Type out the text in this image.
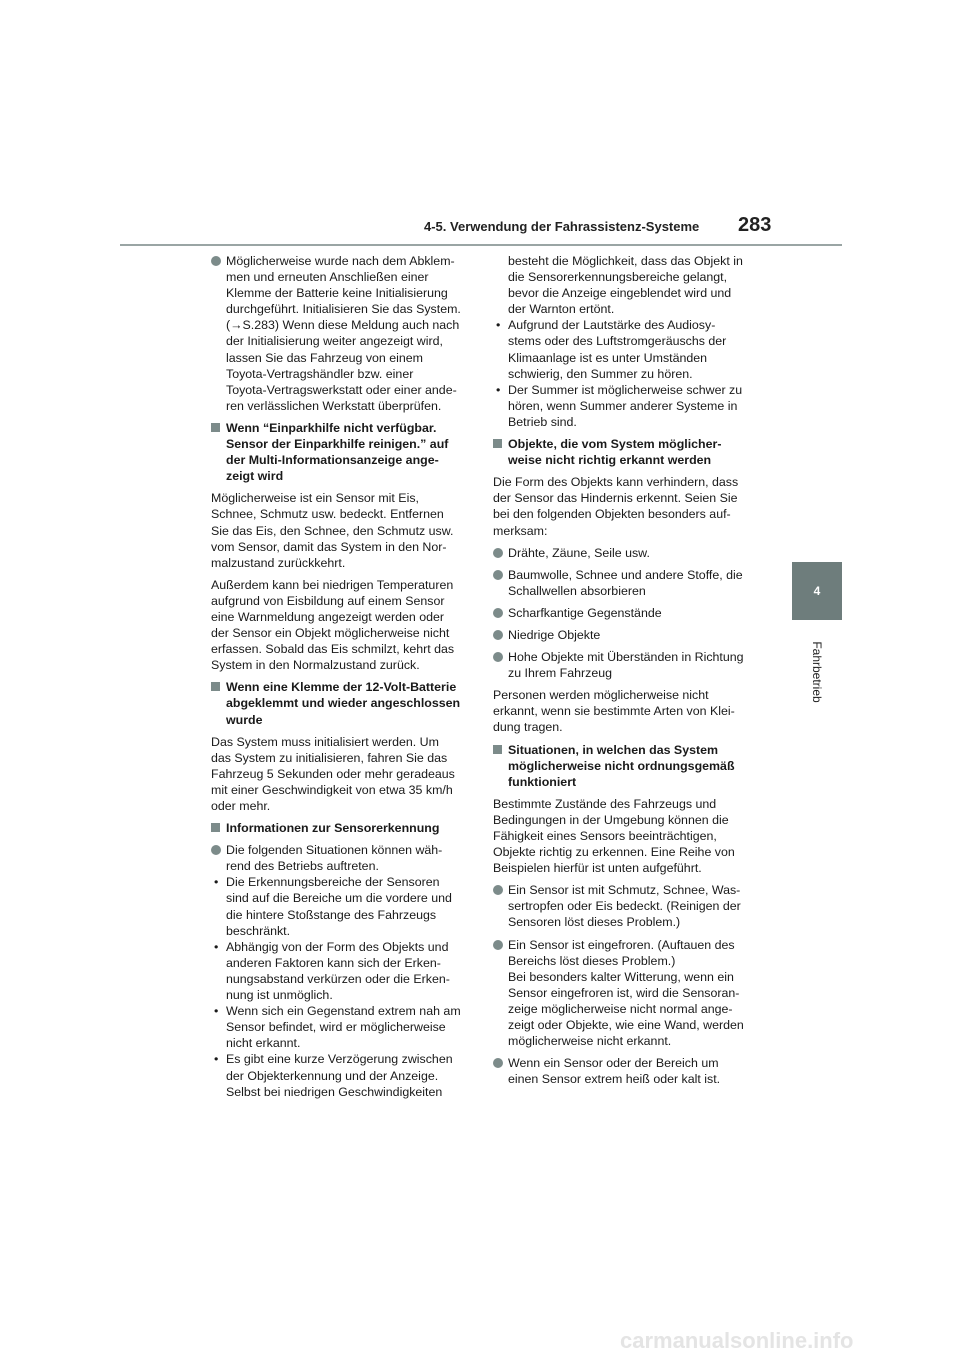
4-5. Verwendung der Fahrassistenz-Systeme 283
4
Fahrbetrieb
Möglicherweise wurde nach dem Abklem-
men und erneuten Anschließen einer
Klemme der Batterie keine Initialisierung
durchgeführt. Initialisieren Sie das System.
(→S.283) Wenn diese Meldung auch nach
der Initialisierung weiter angezeigt wird,
lassen Sie das Fahrzeug von einem
Toyota-Vertragshändler bzw. einer
Toyota-Vertragswerkstatt oder einer ande-
ren verlässlichen Werkstatt überprüfen.
Wenn “Einparkhilfe nicht verfügbar.
Sensor der Einparkhilfe reinigen.” auf
der Multi-Informationsanzeige ange-
zeigt wird
Möglicherweise ist ein Sensor mit Eis,
Schnee, Schmutz usw. bedeckt. Entfernen
Sie das Eis, den Schnee, den Schmutz usw.
vom Sensor, damit das System in den Nor-
malzustand zurückkehrt.
Außerdem kann bei niedrigen Temperaturen
aufgrund von Eisbildung auf einem Sensor
eine Warnmeldung angezeigt werden oder
der Sensor ein Objekt möglicherweise nicht
erfassen. Sobald das Eis schmilzt, kehrt das
System in den Normalzustand zurück.
Wenn eine Klemme der 12-Volt-Batterie
abgeklemmt und wieder angeschlossen
wurde
Das System muss initialisiert werden. Um
das System zu initialisieren, fahren Sie das
Fahrzeug 5 Sekunden oder mehr geradeaus
mit einer Geschwindigkeit von etwa 35 km/h
oder mehr.
Informationen zur Sensorerkennung
Die folgenden Situationen können wäh-
rend des Betriebs auftreten.
• Die Erkennungsbereiche der Sensoren
sind auf die Bereiche um die vordere und
die hintere Stoßstange des Fahrzeugs
beschränkt.
• Abhängig von der Form des Objekts und
anderen Faktoren kann sich der Erken-
nungsabstand verkürzen oder die Erken-
nung ist unmöglich.
• Wenn sich ein Gegenstand extrem nah am
Sensor befindet, wird er möglicherweise
nicht erkannt.
• Es gibt eine kurze Verzögerung zwischen
der Objekterkennung und der Anzeige.
Selbst bei niedrigen Geschwindigkeiten
besteht die Möglichkeit, dass das Objekt in
die Sensorerkennungsbereiche gelangt,
bevor die Anzeige eingeblendet wird und
der Warnton ertönt.
• Aufgrund der Lautstärke des Audiosy-
stems oder des Luftstromgeräuschs der
Klimaanlage ist es unter Umständen
schwierig, den Summer zu hören.
• Der Summer ist möglicherweise schwer zu
hören, wenn Summer anderer Systeme in
Betrieb sind.
Objekte, die vom System möglicher-
weise nicht richtig erkannt werden
Die Form des Objekts kann verhindern, dass
der Sensor das Hindernis erkennt. Seien Sie
bei den folgenden Objekten besonders auf-
merksam:
Drähte, Zäune, Seile usw.
Baumwolle, Schnee und andere Stoffe, die
Schallwellen absorbieren
Scharfkantige Gegenstände
Niedrige Objekte
Hohe Objekte mit Überständen in Richtung
zu Ihrem Fahrzeug
Personen werden möglicherweise nicht
erkannt, wenn sie bestimmte Arten von Klei-
dung tragen.
Situationen, in welchen das System
möglicherweise nicht ordnungsgemäß
funktioniert
Bestimmte Zustände des Fahrzeugs und
Bedingungen in der Umgebung können die
Fähigkeit eines Sensors beeinträchtigen,
Objekte richtig zu erkennen. Eine Reihe von
Beispielen hierfür ist unten aufgeführt.
Ein Sensor ist mit Schmutz, Schnee, Was-
sertropfen oder Eis bedeckt. (Reinigen der
Sensoren löst dieses Problem.)
Ein Sensor ist eingefroren. (Auftauen des
Bereichs löst dieses Problem.)
Bei besonders kalter Witterung, wenn ein
Sensor eingefroren ist, wird die Sensoran-
zeige möglicherweise nicht normal ange-
zeigt oder Objekte, wie eine Wand, werden
möglicherweise nicht erkannt.
Wenn ein Sensor oder der Bereich um
einen Sensor extrem heiß oder kalt ist.
carmanualsonline.info
